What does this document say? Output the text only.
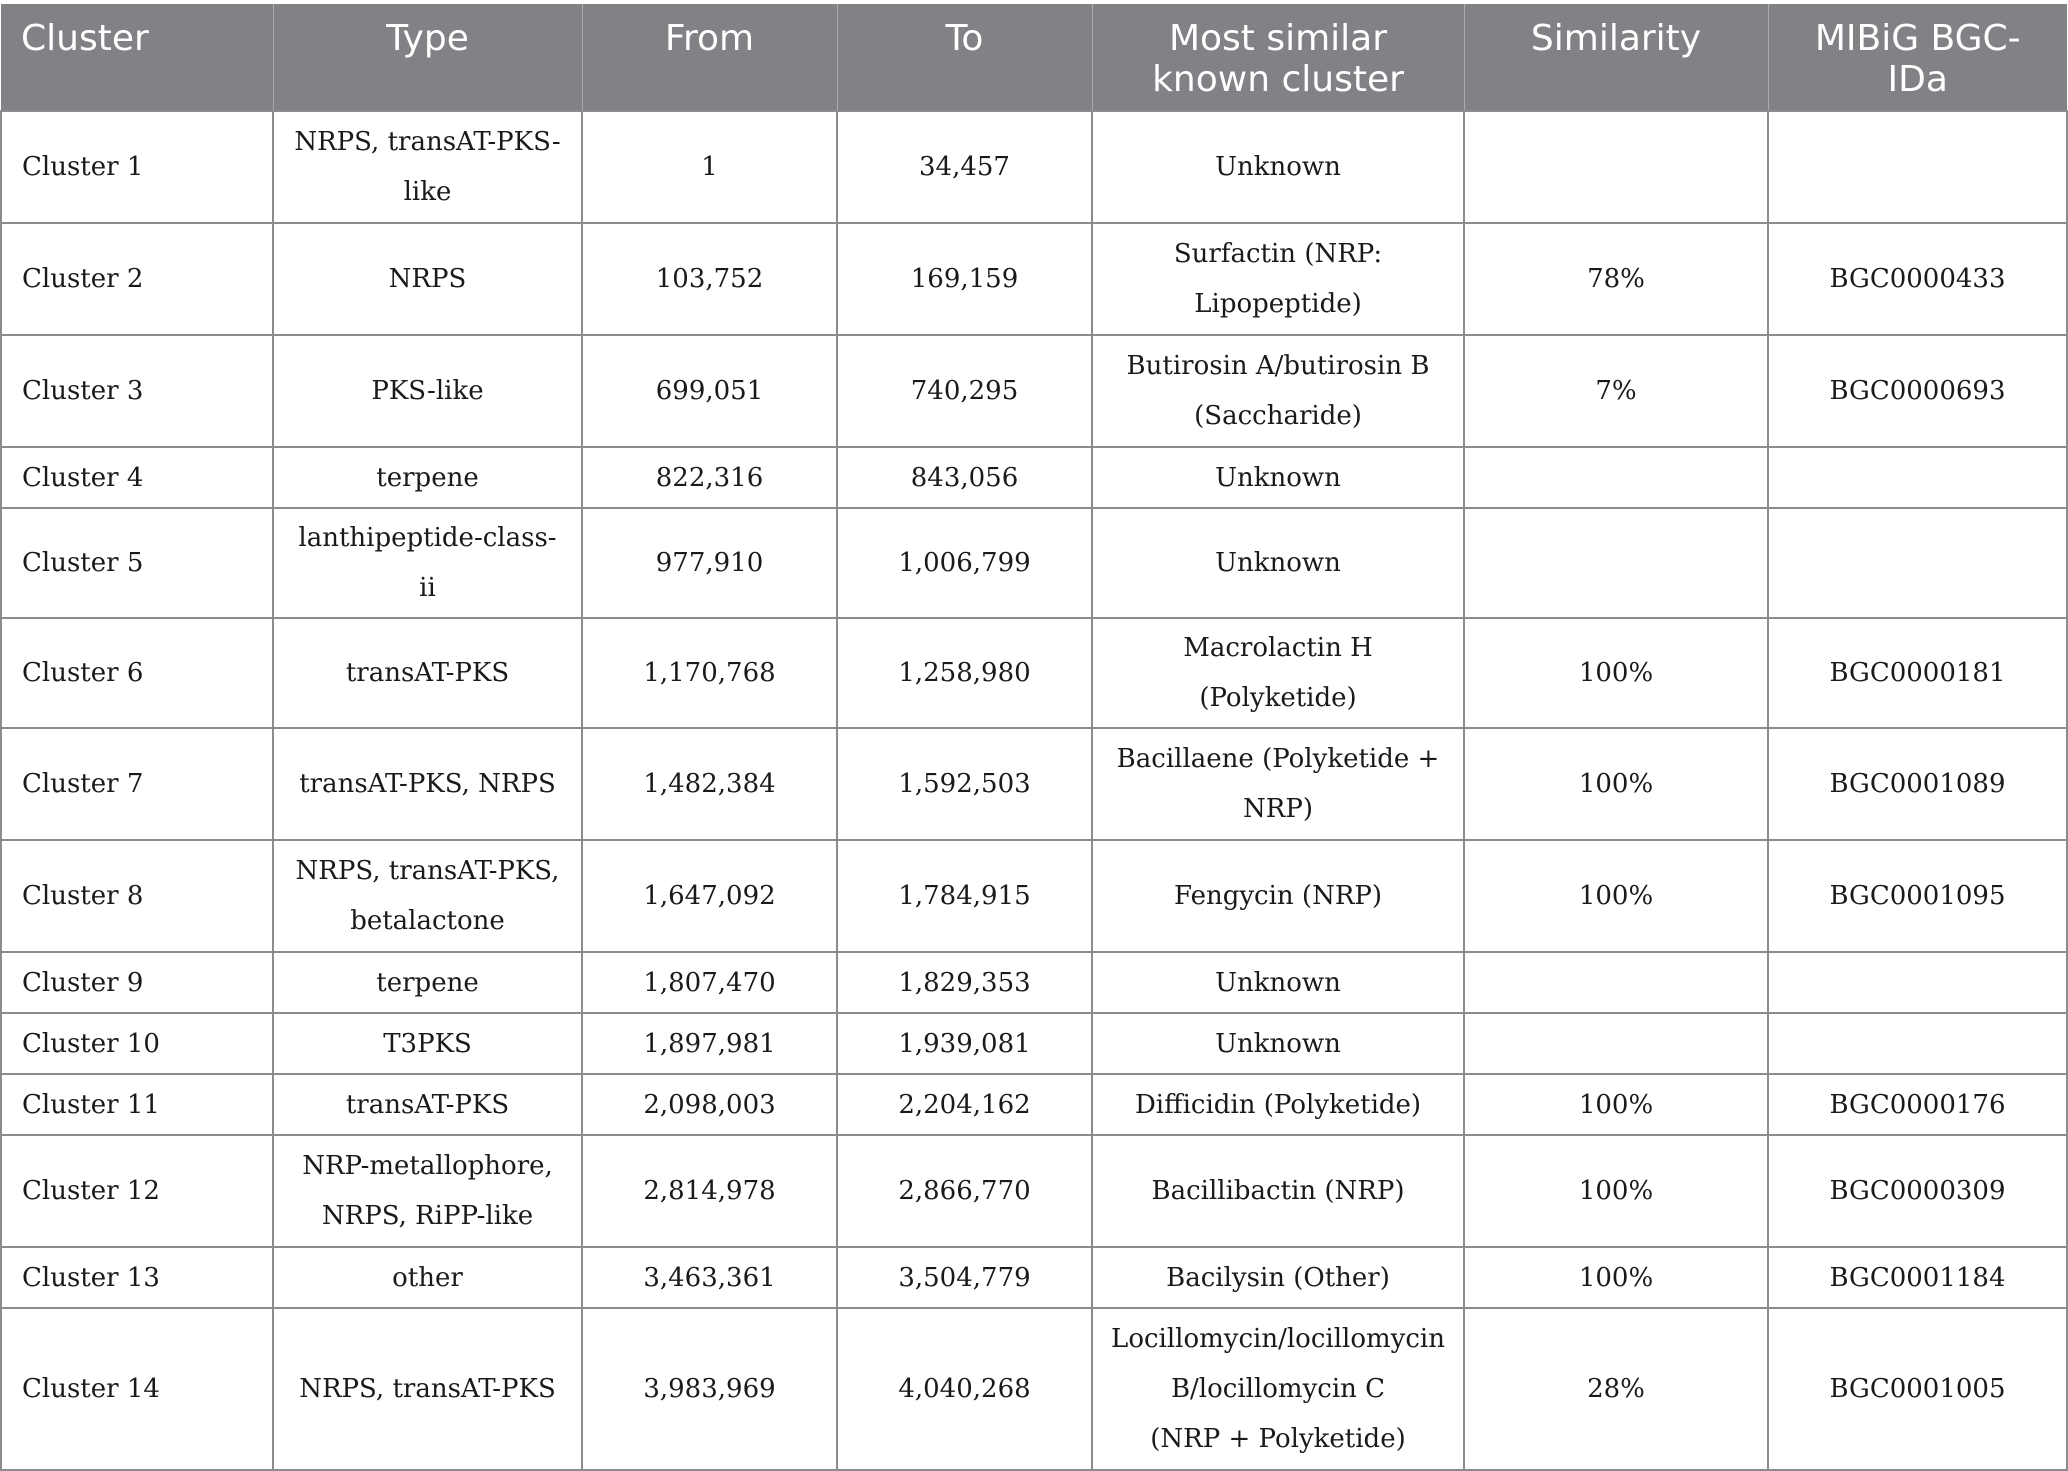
Cluster	Type	From	To	Most similar
known cluster	Similarity	MIBiG BGC-
IDa

Cluster 1	NRPS, transAT-PKS-
like	1	34,457	Unknown		

Cluster 2	NRPS	103,752	169,159	Surfactin (NRP:
Lipopeptide)	78%	BGC0000433
Cluster 3	PKS-like	699,051	740,295	Butirosin A/butirosin B
(Saccharide)	7%	BGC0000693
Cluster 4	terpene	822,316	843,056	Unknown		

Cluster 5	lanthipeptide-class-ii	977,910	1,006,799	Unknown		

Cluster 6	transAT-PKS	1,170,768	1,258,980	Macrolactin H (Polyketide)	100%	BGC0000181
Cluster 7	transAT-PKS, NRPS	1,482,384	1,592,503	Bacillaene (Polyketide +
NRP)	100%	BGC0001089
Cluster 8	NRPS, transAT-PKS,
betalactone	1,647,092	1,784,915	Fengycin (NRP)	100%	BGC0001095
Cluster 9	terpene	1,807,470	1,829,353	Unknown		

Cluster 10	T3PKS	1,897,981	1,939,081	Unknown		

Cluster 11	transAT-PKS	2,098,003	2,204,162	Difficidin (Polyketide)	100%	BGC0000176
Cluster 12	NRP-metallophore,
NRPS, RiPP-like	2,814,978	2,866,770	Bacillibactin (NRP)	100%	BGC0000309
Cluster 13	other	3,463,361	3,504,779	Bacilysin (Other)	100%	BGC0001184
Cluster 14	NRPS, transAT-PKS	3,983,969	4,040,268	Locillomycin/locillomycin
B/locillomycin C
(NRP + Polyketide)	28%	BGC0001005
